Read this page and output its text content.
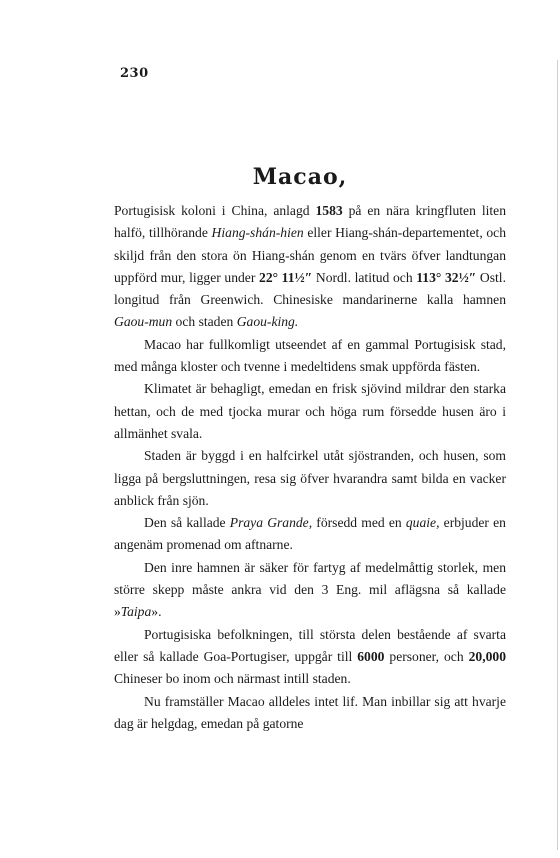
230
Macao,

Portugisisk koloni i China, anlagd 1583 på en nära kringfluten liten halfö, tillhörande Hiang-shán-hien eller Hiang-shán-departementet, och skiljd från den stora ön Hiang-shán genom en tvärs öfver landtungan uppförd mur, ligger under 22° 11½″ Nordl. latitud och 113° 32½″ Ostl. longitud från Greenwich. Chinesiske mandarinerne kalla hamnen Gaou-mun och staden Gaou-king.

Macao har fullkomligt utseendet af en gammal Portugisisk stad, med många kloster och tvenne i medeltidens smak uppförda fästen.

Klimatet är behagligt, emedan en frisk sjövind mildrar den starka hettan, och de med tjocka murar och höga rum försedde husen äro i allmänhet svala.

Staden är byggd i en halfcirkel utåt sjöstranden, och husen, som ligga på bergsluttningen, resa sig öfver hvarandra samt bilda en vacker anblick från sjön.

Den så kallade Praya Grande, försedd med en quaie, erbjuder en angenäm promenad om aftnarne.

Den inre hamnen är säker för fartyg af medelmåttig storlek, men större skepp måste ankra vid den 3 Eng. mil aflägsna så kallade »Taipa».

Portugisiska befolkningen, till största delen bestående af svarta eller så kallade Goa-Portugiser, uppgår till 6000 personer, och 20,000 Chineser bo inom och närmast intill staden.

Nu framställer Macao alldeles intet lif. Man inbillar sig att hvarje dag är helgdag, emedan på gatorne
